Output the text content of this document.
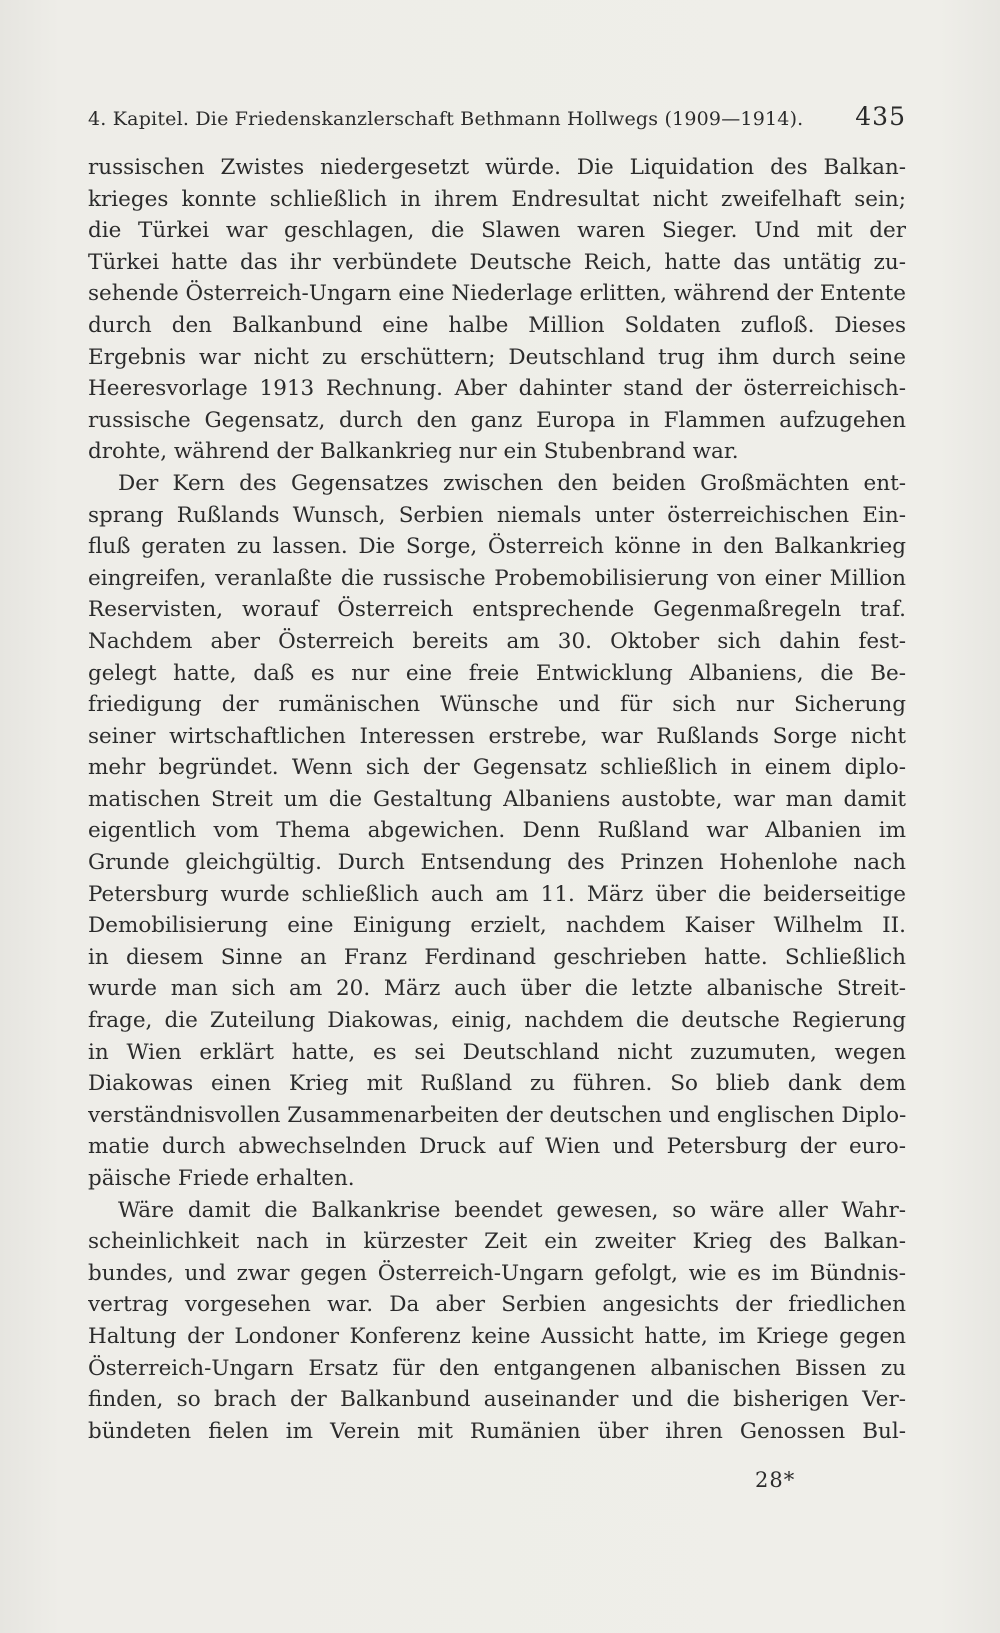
4. Kapitel. Die Friedenskanzlerschaft Bethmann Hollwegs (1909—1914). 435
russischen Zwistes niedergesetzt würde. Die Liquidation des Balkan-
krieges konnte schließlich in ihrem Endresultat nicht zweifelhaft sein;
die Türkei war geschlagen, die Slawen waren Sieger. Und mit der
Türkei hatte das ihr verbündete Deutsche Reich, hatte das untätig zu-
sehende Österreich-Ungarn eine Niederlage erlitten, während der Entente
durch den Balkanbund eine halbe Million Soldaten zufloß. Dieses
Ergebnis war nicht zu erschüttern; Deutschland trug ihm durch seine
Heeresvorlage 1913 Rechnung. Aber dahinter stand der österreichisch-
russische Gegensatz, durch den ganz Europa in Flammen aufzugehen
drohte, während der Balkankrieg nur ein Stubenbrand war.
Der Kern des Gegensatzes zwischen den beiden Großmächten ent-
sprang Rußlands Wunsch, Serbien niemals unter österreichischen Ein-
fluß geraten zu lassen. Die Sorge, Österreich könne in den Balkankrieg
eingreifen, veranlaßte die russische Probemobilisierung von einer Million
Reservisten, worauf Österreich entsprechende Gegenmaßregeln traf.
Nachdem aber Österreich bereits am 30. Oktober sich dahin fest-
gelegt hatte, daß es nur eine freie Entwicklung Albaniens, die Be-
friedigung der rumänischen Wünsche und für sich nur Sicherung
seiner wirtschaftlichen Interessen erstrebe, war Rußlands Sorge nicht
mehr begründet. Wenn sich der Gegensatz schließlich in einem diplo-
matischen Streit um die Gestaltung Albaniens austobte, war man damit
eigentlich vom Thema abgewichen. Denn Rußland war Albanien im
Grunde gleichgültig. Durch Entsendung des Prinzen Hohenlohe nach
Petersburg wurde schließlich auch am 11. März über die beiderseitige
Demobilisierung eine Einigung erzielt, nachdem Kaiser Wilhelm II.
in diesem Sinne an Franz Ferdinand geschrieben hatte. Schließlich
wurde man sich am 20. März auch über die letzte albanische Streit-
frage, die Zuteilung Diakowas, einig, nachdem die deutsche Regierung
in Wien erklärt hatte, es sei Deutschland nicht zuzumuten, wegen
Diakowas einen Krieg mit Rußland zu führen. So blieb dank dem
verständnisvollen Zusammenarbeiten der deutschen und englischen Diplo-
matie durch abwechselnden Druck auf Wien und Petersburg der euro-
päische Friede erhalten.
Wäre damit die Balkankrise beendet gewesen, so wäre aller Wahr-
scheinlichkeit nach in kürzester Zeit ein zweiter Krieg des Balkan-
bundes, und zwar gegen Österreich-Ungarn gefolgt, wie es im Bündnis-
vertrag vorgesehen war. Da aber Serbien angesichts der friedlichen
Haltung der Londoner Konferenz keine Aussicht hatte, im Kriege gegen
Österreich-Ungarn Ersatz für den entgangenen albanischen Bissen zu
finden, so brach der Balkanbund auseinander und die bisherigen Ver-
bündeten fielen im Verein mit Rumänien über ihren Genossen Bul-
28*
